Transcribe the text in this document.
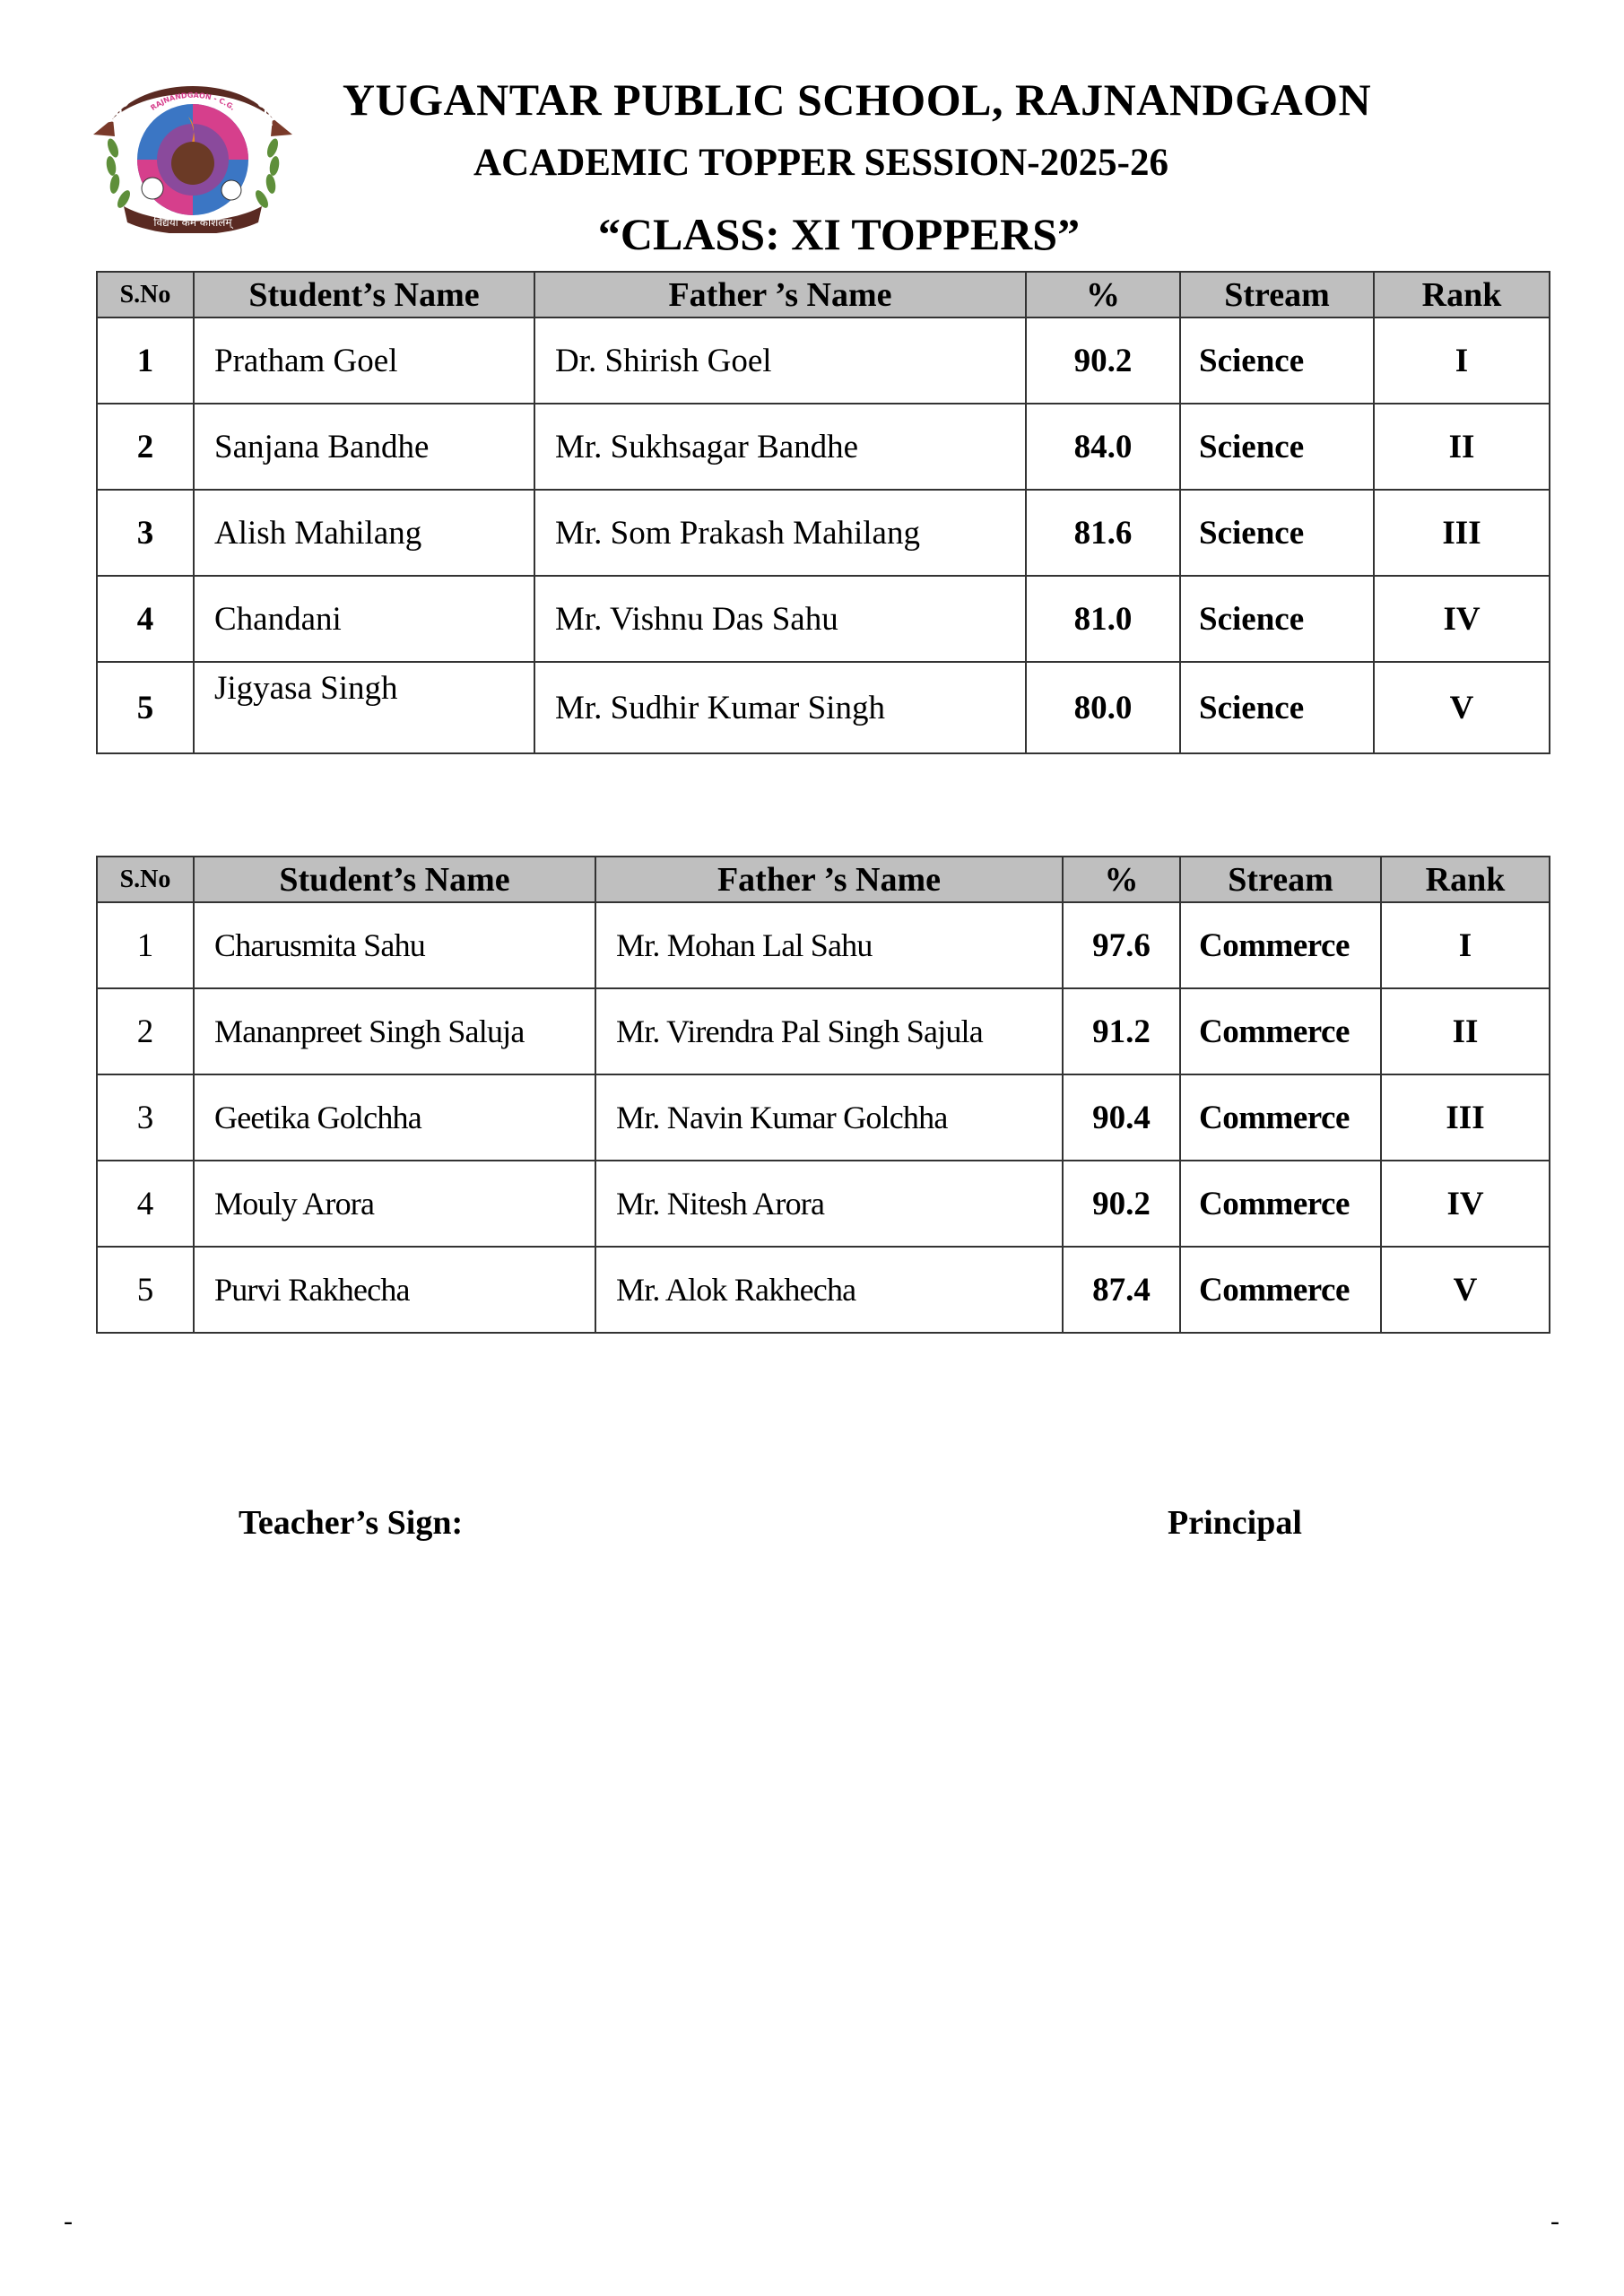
YUGANTAR PUBLIC SCHOOL
RAJNANDGAON - C.G.
विद्यया कर्म कौशलम्
YUGANTAR PUBLIC SCHOOL, RAJNANDGAON
ACADEMIC TOPPER SESSION-2025-26
“CLASS: XI TOPPERS”
S.No	Student’s Name	Father ’s Name	%	Stream	Rank
1	Pratham Goel	Dr. Shirish Goel	90.2	Science	I
2	Sanjana Bandhe	Mr. Sukhsagar Bandhe	84.0	Science	II
3	Alish Mahilang	Mr. Som Prakash Mahilang	81.6	Science	III
4	Chandani	Mr. Vishnu Das Sahu	81.0	Science	IV
5	Jigyasa Singh	Mr. Sudhir Kumar Singh	80.0	Science	V
S.No	Student’s Name	Father ’s Name	%	Stream	Rank
1	Charusmita Sahu	Mr. Mohan Lal Sahu	97.6	Commerce	I
2	Mananpreet Singh Saluja	Mr. Virendra Pal Singh Sajula	91.2	Commerce	II
3	Geetika Golchha	Mr. Navin Kumar Golchha	90.4	Commerce	III
4	Mouly Arora	Mr. Nitesh Arora	90.2	Commerce	IV
5	Purvi Rakhecha	Mr. Alok Rakhecha	87.4	Commerce	V
Teacher’s Sign:	Principal
-	-
